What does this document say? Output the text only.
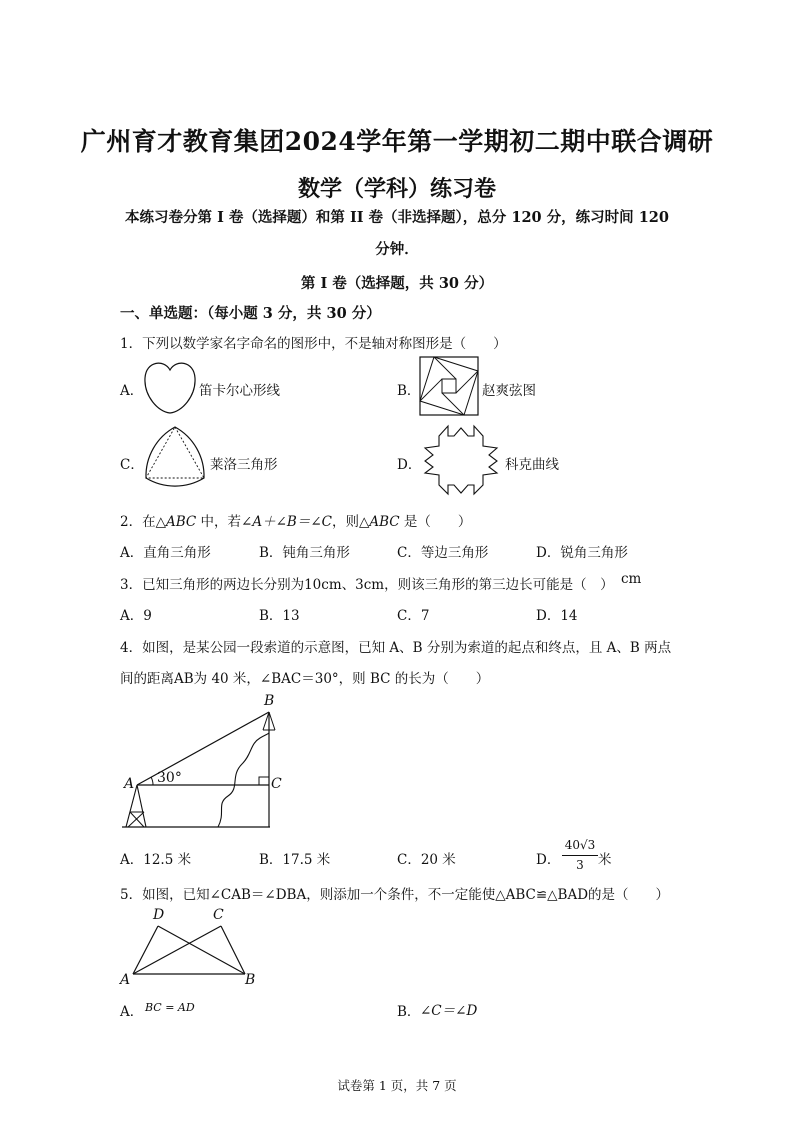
广州育才教育集团2024学年第一学期初二期中联合调研
数学（学科）练习卷
本练习卷分第 I 卷（选择题）和第 II 卷（非选择题），总分 120 分，练习时间 120
分钟．
第 I 卷（选择题，共 30 分）
一、单选题：（每小题 3 分，共 30 分）
1．下列以数学家名字命名的图形中，不是轴对称图形是（　　）
A．	笛卡尔心形线	B．	赵爽弦图
C．	莱洛三角形	D．	科克曲线
2．在△ABC 中，若∠A＋∠B＝∠C，则△ABC 是（　　）
A．直角三角形	B．钝角三角形	C．等边三角形	D．锐角三角形
3．已知三角形的两边长分别为10cm、3cm，则该三角形的第三边长可能是（　） cm
A．9	B．13	C．7	D．14
4．如图，是某公园一段索道的示意图，已知 A、B 分别为索道的起点和终点，且 A、B 两点
间的距离AB为 40 米，∠BAC＝30°，则 BC 的长为（　　）
A
B
C
30°
A．12.5 米	B．17.5 米	C．20 米	D．
40√3
3	米
5．如图，已知∠CAB＝∠DBA，则添加一个条件，不一定能使△ABC≌△BAD的是（　　）
D	C
A	B
A． BC = AD	B． ∠C＝∠D
试卷第 1 页，共 7 页
